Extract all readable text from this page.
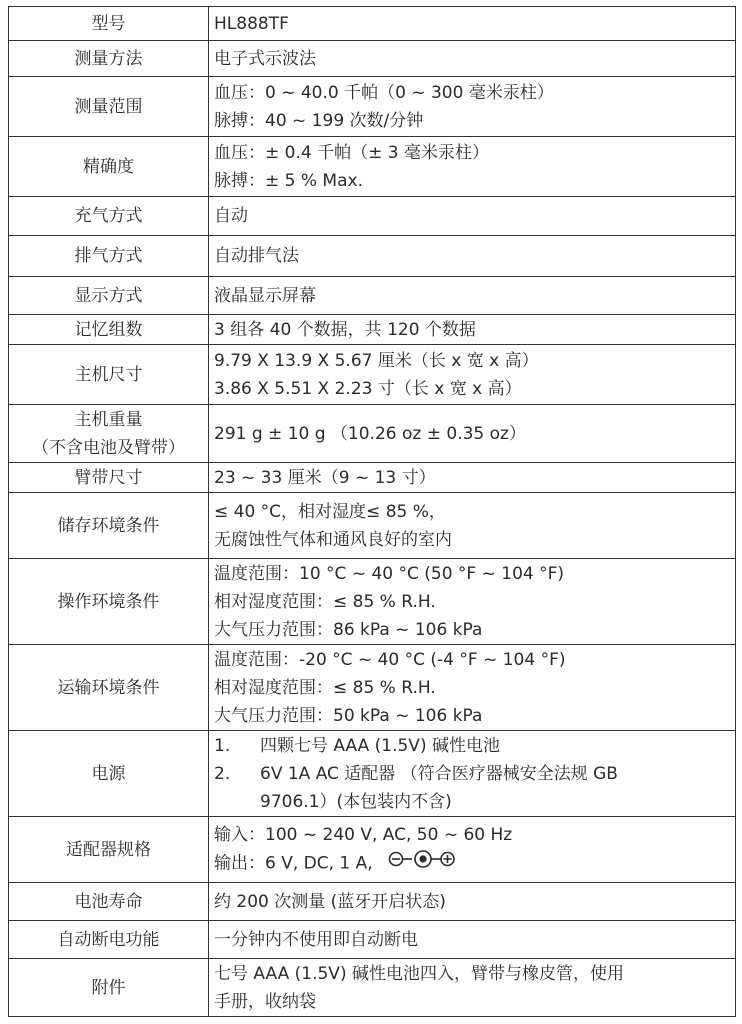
型号	HL888TF
测量方法	电子式示波法
测量范围	血压：0 ~ 40.0 千帕（0 ~ 300 毫米汞柱）
脉搏：40 ~ 199 次数/分钟

精确度	血压：± 0.4 千帕（± 3 毫米汞柱）
脉搏：± 5 % Max.

充气方式	自动
排气方式	自动排气法
显示方式	液晶显示屏幕
记忆组数	3 组各 40 个数据，共 120 个数据
主机尺寸	9.79 X 13.9 X 5.67 厘米（长 x 宽 x 高）
3.86 X 5.51 X 2.23 寸（长 x 宽 x 高）

主机重量
（不含电池及臂带）	291 g ± 10 g （10.26 oz ± 0.35 oz）
臂带尺寸	23 ~ 33 厘米（9 ~ 13 寸）
储存环境条件	≤ 40 °C，相对湿度≤ 85 %，
无腐蚀性气体和通风良好的室内

操作环境条件	温度范围：10 °C ~ 40 °C (50 °F ~ 104 °F)
相对湿度范围：≤ 85 % R.H.
大气压力范围：86 kPa ~ 106 kPa

运输环境条件	温度范围：-20 °C ~ 40 °C (-4 °F ~ 104 °F)
相对湿度范围：≤ 85 % R.H.
大气压力范围：50 kPa ~ 106 kPa

电源	1. 四颗七号 AAA (1.5V) 碱性电池
2. 6V 1A AC 适配器 （符合医疗器械安全法规 GB
9706.1）(本包装内不含)

适配器规格	输入：100 ~ 240 V, AC, 50 ~ 60 Hz
输出：6 V, DC, 1 A,

电池寿命	约 200 次测量 (蓝牙开启状态)
自动断电功能	一分钟内不使用即自动断电
附件	七号 AAA (1.5V) 碱性电池四入，臂带与橡皮管，使用
手册，收纳袋
